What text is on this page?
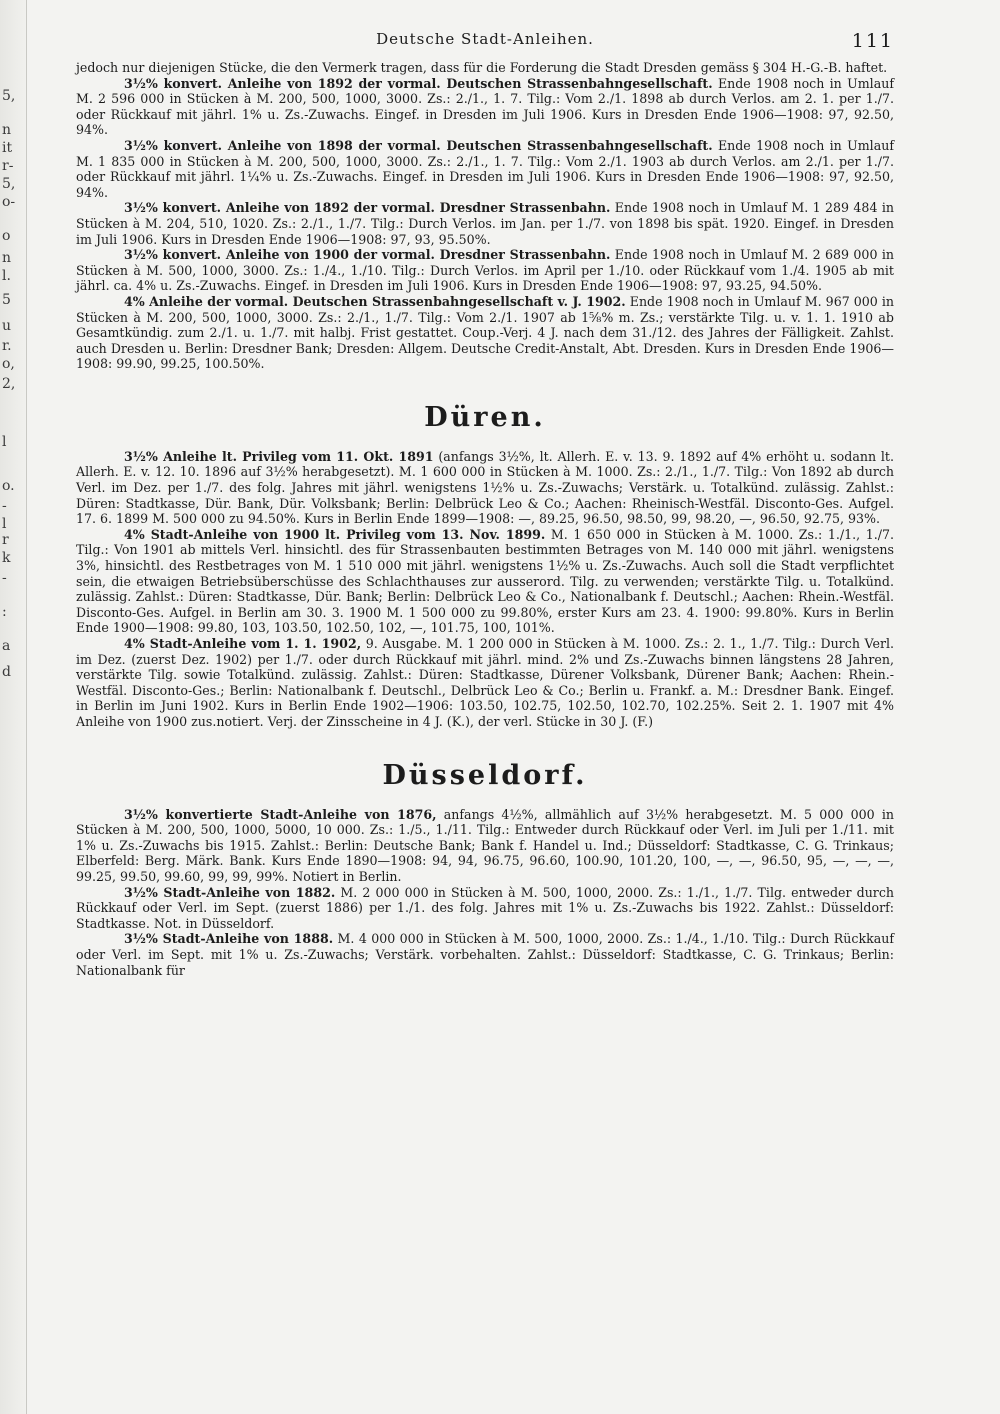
5,
n
it
r-
5,
o-
o
n
l.
5
u
r.
o,
2,
l
o.
-
l
r
k
-
:
a
d
Deutsche Stadt-Anleihen.	111

jedoch nur diejenigen Stücke, die den Vermerk tragen, dass für die Forderung die Stadt Dresden gemäss § 304 H.-G.-B. haftet.

3½% konvert. Anleihe von 1892 der vormal. Deutschen Strassenbahngesellschaft. Ende 1908 noch in Umlauf M. 2 596 000 in Stücken à M. 200, 500, 1000, 3000. Zs.: 2./1., 1. 7. Tilg.: Vom 2./1. 1898 ab durch Verlos. am 2. 1. per 1./7. oder Rückkauf mit jährl. 1% u. Zs.-Zuwachs. Eingef. in Dresden im Juli 1906. Kurs in Dresden Ende 1906—1908: 97, 92.50, 94%.

3½% konvert. Anleihe von 1898 der vormal. Deutschen Strassenbahngesellschaft. Ende 1908 noch in Umlauf M. 1 835 000 in Stücken à M. 200, 500, 1000, 3000. Zs.: 2./1., 1. 7. Tilg.: Vom 2./1. 1903 ab durch Verlos. am 2./1. per 1./7. oder Rückkauf mit jährl. 1¼% u. Zs.-Zuwachs. Eingef. in Dresden im Juli 1906. Kurs in Dresden Ende 1906—1908: 97, 92.50, 94%.

3½% konvert. Anleihe von 1892 der vormal. Dresdner Strassenbahn. Ende 1908 noch in Umlauf M. 1 289 484 in Stücken à M. 204, 510, 1020. Zs.: 2./1., 1./7. Tilg.: Durch Verlos. im Jan. per 1./7. von 1898 bis spät. 1920. Eingef. in Dresden im Juli 1906. Kurs in Dresden Ende 1906—1908: 97, 93, 95.50%.

3½% konvert. Anleihe von 1900 der vormal. Dresdner Strassenbahn. Ende 1908 noch in Umlauf M. 2 689 000 in Stücken à M. 500, 1000, 3000. Zs.: 1./4., 1./10. Tilg.: Durch Verlos. im April per 1./10. oder Rückkauf vom 1./4. 1905 ab mit jährl. ca. 4% u. Zs.-Zuwachs. Eingef. in Dresden im Juli 1906. Kurs in Dresden Ende 1906—1908: 97, 93.25, 94.50%.

4% Anleihe der vormal. Deutschen Strassenbahngesellschaft v. J. 1902. Ende 1908 noch in Umlauf M. 967 000 in Stücken à M. 200, 500, 1000, 3000. Zs.: 2./1., 1./7. Tilg.: Vom 2./1. 1907 ab 1⅝% m. Zs.; verstärkte Tilg. u. v. 1. 1. 1910 ab Gesamtkündig. zum 2./1. u. 1./7. mit halbj. Frist gestattet. Coup.-Verj. 4 J. nach dem 31./12. des Jahres der Fälligkeit. Zahlst. auch Dresden u. Berlin: Dresdner Bank; Dresden: Allgem. Deutsche Credit-Anstalt, Abt. Dresden. Kurs in Dresden Ende 1906—1908: 99.90, 99.25, 100.50%.

Düren.

3½% Anleihe lt. Privileg vom 11. Okt. 1891 (anfangs 3½%, lt. Allerh. E. v. 13. 9. 1892 auf 4% erhöht u. sodann lt. Allerh. E. v. 12. 10. 1896 auf 3½% herabgesetzt). M. 1 600 000 in Stücken à M. 1000. Zs.: 2./1., 1./7. Tilg.: Von 1892 ab durch Verl. im Dez. per 1./7. des folg. Jahres mit jährl. wenigstens 1½% u. Zs.-Zuwachs; Verstärk. u. Totalkünd. zulässig. Zahlst.: Düren: Stadtkasse, Dür. Bank, Dür. Volksbank; Berlin: Delbrück Leo & Co.; Aachen: Rheinisch-Westfäl. Disconto-Ges. Aufgel. 17. 6. 1899 M. 500 000 zu 94.50%. Kurs in Berlin Ende 1899—1908: —, 89.25, 96.50, 98.50, 99, 98.20, —, 96.50, 92.75, 93%.

4% Stadt-Anleihe von 1900 lt. Privileg vom 13. Nov. 1899. M. 1 650 000 in Stücken à M. 1000. Zs.: 1./1., 1./7. Tilg.: Von 1901 ab mittels Verl. hinsichtl. des für Strassenbauten bestimmten Betrages von M. 140 000 mit jährl. wenigstens 3%, hinsichtl. des Restbetrages von M. 1 510 000 mit jährl. wenigstens 1½% u. Zs.-Zuwachs. Auch soll die Stadt verpflichtet sein, die etwaigen Betriebsüberschüsse des Schlachthauses zur ausserord. Tilg. zu verwenden; verstärkte Tilg. u. Totalkünd. zulässig. Zahlst.: Düren: Stadtkasse, Dür. Bank; Berlin: Delbrück Leo & Co., Nationalbank f. Deutschl.; Aachen: Rhein.-Westfäl. Disconto-Ges. Aufgel. in Berlin am 30. 3. 1900 M. 1 500 000 zu 99.80%, erster Kurs am 23. 4. 1900: 99.80%. Kurs in Berlin Ende 1900—1908: 99.80, 103, 103.50, 102.50, 102, —, 101.75, 100, 101%.

4% Stadt-Anleihe vom 1. 1. 1902, 9. Ausgabe. M. 1 200 000 in Stücken à M. 1000. Zs.: 2. 1., 1./7. Tilg.: Durch Verl. im Dez. (zuerst Dez. 1902) per 1./7. oder durch Rückkauf mit jährl. mind. 2% und Zs.-Zuwachs binnen längstens 28 Jahren, verstärkte Tilg. sowie Totalkünd. zulässig. Zahlst.: Düren: Stadtkasse, Dürener Volksbank, Dürener Bank; Aachen: Rhein.-Westfäl. Disconto-Ges.; Berlin: Nationalbank f. Deutschl., Delbrück Leo & Co.; Berlin u. Frankf. a. M.: Dresdner Bank. Eingef. in Berlin im Juni 1902. Kurs in Berlin Ende 1902—1906: 103.50, 102.75, 102.50, 102.70, 102.25%. Seit 2. 1. 1907 mit 4% Anleihe von 1900 zus.notiert. Verj. der Zinsscheine in 4 J. (K.), der verl. Stücke in 30 J. (F.)

Düsseldorf.

3½% konvertierte Stadt-Anleihe von 1876, anfangs 4½%, allmählich auf 3½% herabgesetzt. M. 5 000 000 in Stücken à M. 200, 500, 1000, 5000, 10 000. Zs.: 1./5., 1./11. Tilg.: Entweder durch Rückkauf oder Verl. im Juli per 1./11. mit 1% u. Zs.-Zuwachs bis 1915. Zahlst.: Berlin: Deutsche Bank; Bank f. Handel u. Ind.; Düsseldorf: Stadtkasse, C. G. Trinkaus; Elberfeld: Berg. Märk. Bank. Kurs Ende 1890—1908: 94, 94, 96.75, 96.60, 100.90, 101.20, 100, —, —, 96.50, 95, —, —, —, 99.25, 99.50, 99.60, 99, 99, 99%. Notiert in Berlin.

3½% Stadt-Anleihe von 1882. M. 2 000 000 in Stücken à M. 500, 1000, 2000. Zs.: 1./1., 1./7. Tilg. entweder durch Rückkauf oder Verl. im Sept. (zuerst 1886) per 1./1. des folg. Jahres mit 1% u. Zs.-Zuwachs bis 1922. Zahlst.: Düsseldorf: Stadtkasse. Not. in Düsseldorf.

3½% Stadt-Anleihe von 1888. M. 4 000 000 in Stücken à M. 500, 1000, 2000. Zs.: 1./4., 1./10. Tilg.: Durch Rückkauf oder Verl. im Sept. mit 1% u. Zs.-Zuwachs; Verstärk. vorbehalten. Zahlst.: Düsseldorf: Stadtkasse, C. G. Trinkaus; Berlin: Nationalbank für
